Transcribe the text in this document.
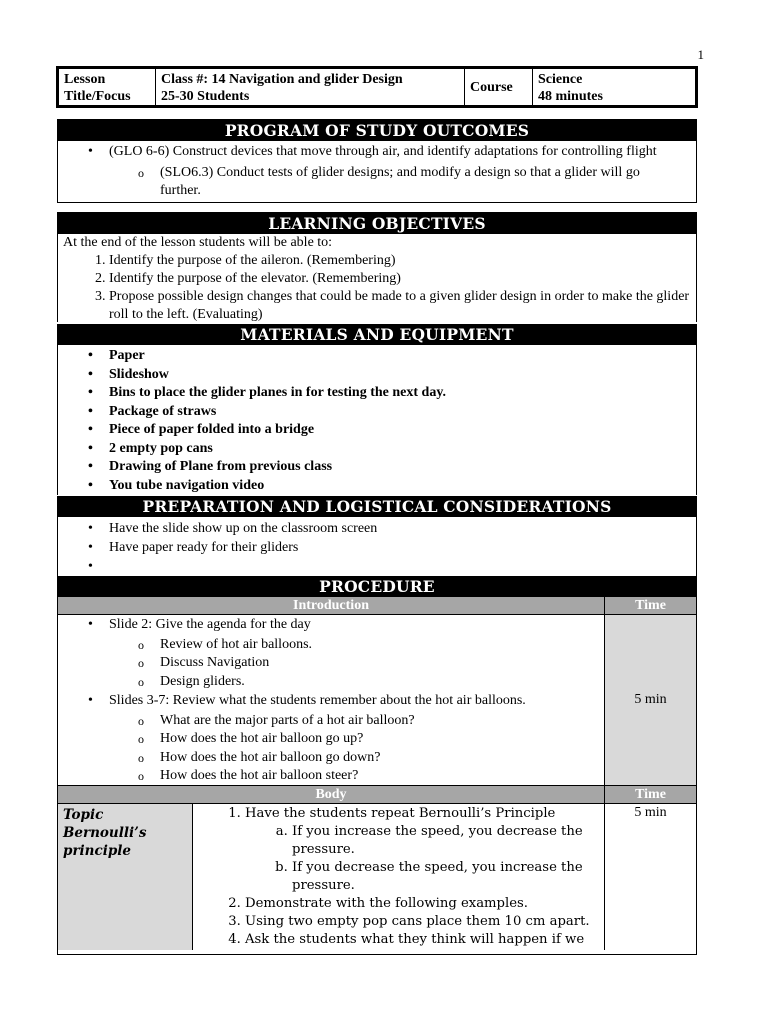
1
Lesson
Title/Focus
Class #: 14 Navigation and glider Design
25-30 Students
Course Science
48 minutes
PROGRAM OF STUDY OUTCOMES
• (GLO 6-6) Construct devices that move through air, and identify adaptations for controlling flight
o (SLO6.3) Conduct tests of glider designs; and modify a design so that a glider will go
further.
LEARNING OBJECTIVES
At the end of the lesson students will be able to:
1. Identify the purpose of the aileron. (Remembering)
2. Identify the purpose of the elevator. (Remembering)
3. Propose possible design changes that could be made to a given glider design in order to make the glider roll to the left. (Evaluating)
MATERIALS AND EQUIPMENT
• Paper
• Slideshow
• Bins to place the glider planes in for testing the next day.
• Package of straws
• Piece of paper folded into a bridge
• 2 empty pop cans
• Drawing of Plane from previous class
• You tube navigation video
PREPARATION AND LOGISTICAL CONSIDERATIONS
• Have the slide show up on the classroom screen
• Have paper ready for their gliders
•
PROCEDURE
Introduction	Time
• Slide 2: Give the agenda for the day
o Review of hot air balloons.
o Discuss Navigation
o Design gliders.
• Slides 3-7: Review what the students remember about the hot air balloons.
o What are the major parts of a hot air balloon?
o How does the hot air balloon go up?
o How does the hot air balloon go down?
o How does the hot air balloon steer?
5 min
Body	Time
Topic
Bernoulli’s
principle
1. Have the students repeat Bernoulli’s Principle
a. If you increase the speed, you decrease the pressure.
b. If you decrease the speed, you increase the pressure.
2. Demonstrate with the following examples.
3. Using two empty pop cans place them 10 cm apart.
4. Ask the students what they think will happen if we
5 min
